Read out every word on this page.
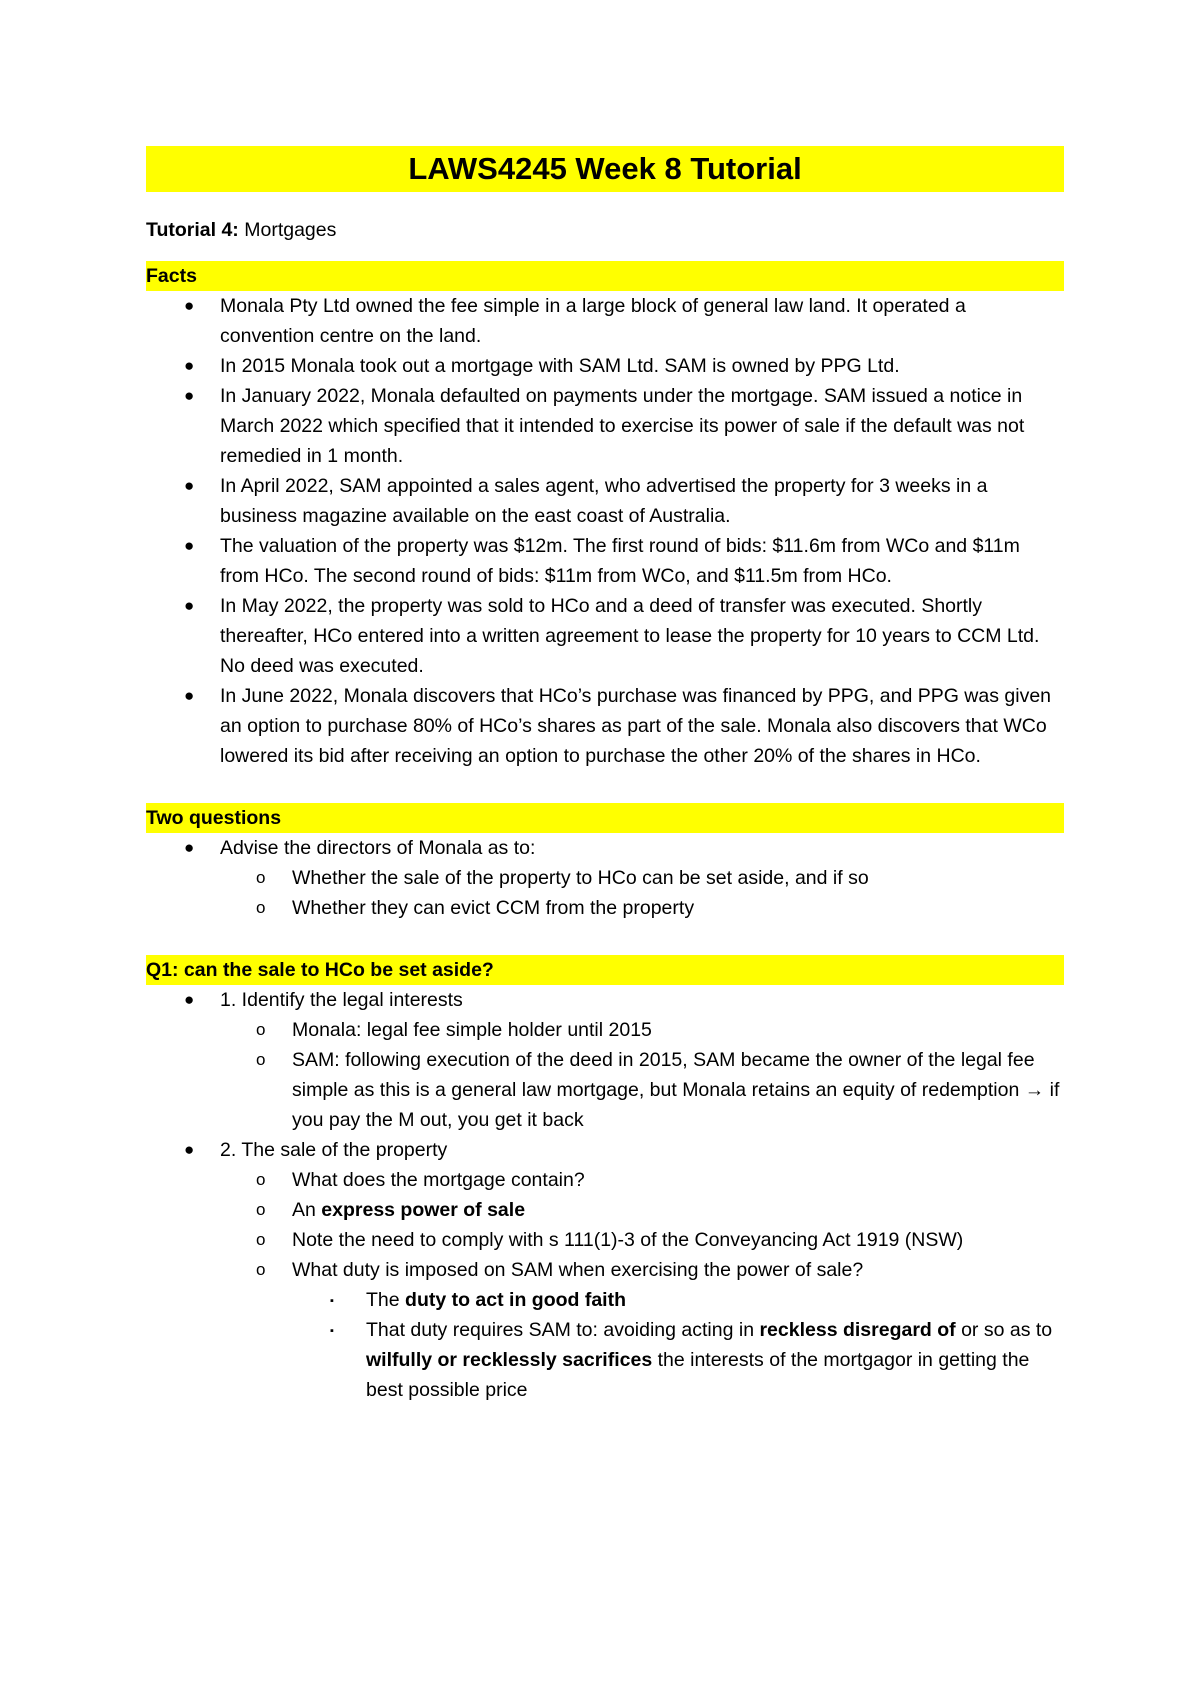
LAWS4245 Week 8 Tutorial

Tutorial 4: Mortgages

Facts
● Monala Pty Ltd owned the fee simple in a large block of general law land. It operated a convention centre on the land.
● In 2015 Monala took out a mortgage with SAM Ltd. SAM is owned by PPG Ltd.
● In January 2022, Monala defaulted on payments under the mortgage. SAM issued a notice in March 2022 which specified that it intended to exercise its power of sale if the default was not remedied in 1 month.
● In April 2022, SAM appointed a sales agent, who advertised the property for 3 weeks in a business magazine available on the east coast of Australia.
● The valuation of the property was $12m. The first round of bids: $11.6m from WCo and $11m from HCo. The second round of bids: $11m from WCo, and $11.5m from HCo.
● In May 2022, the property was sold to HCo and a deed of transfer was executed. Shortly thereafter, HCo entered into a written agreement to lease the property for 10 years to CCM Ltd. No deed was executed.
● In June 2022, Monala discovers that HCo’s purchase was financed by PPG, and PPG was given an option to purchase 80% of HCo’s shares as part of the sale. Monala also discovers that WCo lowered its bid after receiving an option to purchase the other 20% of the shares in HCo.
Two questions
● Advise the directors of Monala as to:
o Whether the sale of the property to HCo can be set aside, and if so
o Whether they can evict CCM from the property
Q1: can the sale to HCo be set aside?
● 1. Identify the legal interests
o Monala: legal fee simple holder until 2015
o SAM: following execution of the deed in 2015, SAM became the owner of the legal fee simple as this is a general law mortgage, but Monala retains an equity of redemption → if you pay the M out, you get it back
● 2. The sale of the property
o What does the mortgage contain?
o An express power of sale
o Note the need to comply with s 111(1)-3 of the Conveyancing Act 1919 (NSW)
o What duty is imposed on SAM when exercising the power of sale?
▪ The duty to act in good faith
▪ That duty requires SAM to: avoiding acting in reckless disregard of or so as to wilfully or recklessly sacrifices the interests of the mortgagor in getting the best possible price
